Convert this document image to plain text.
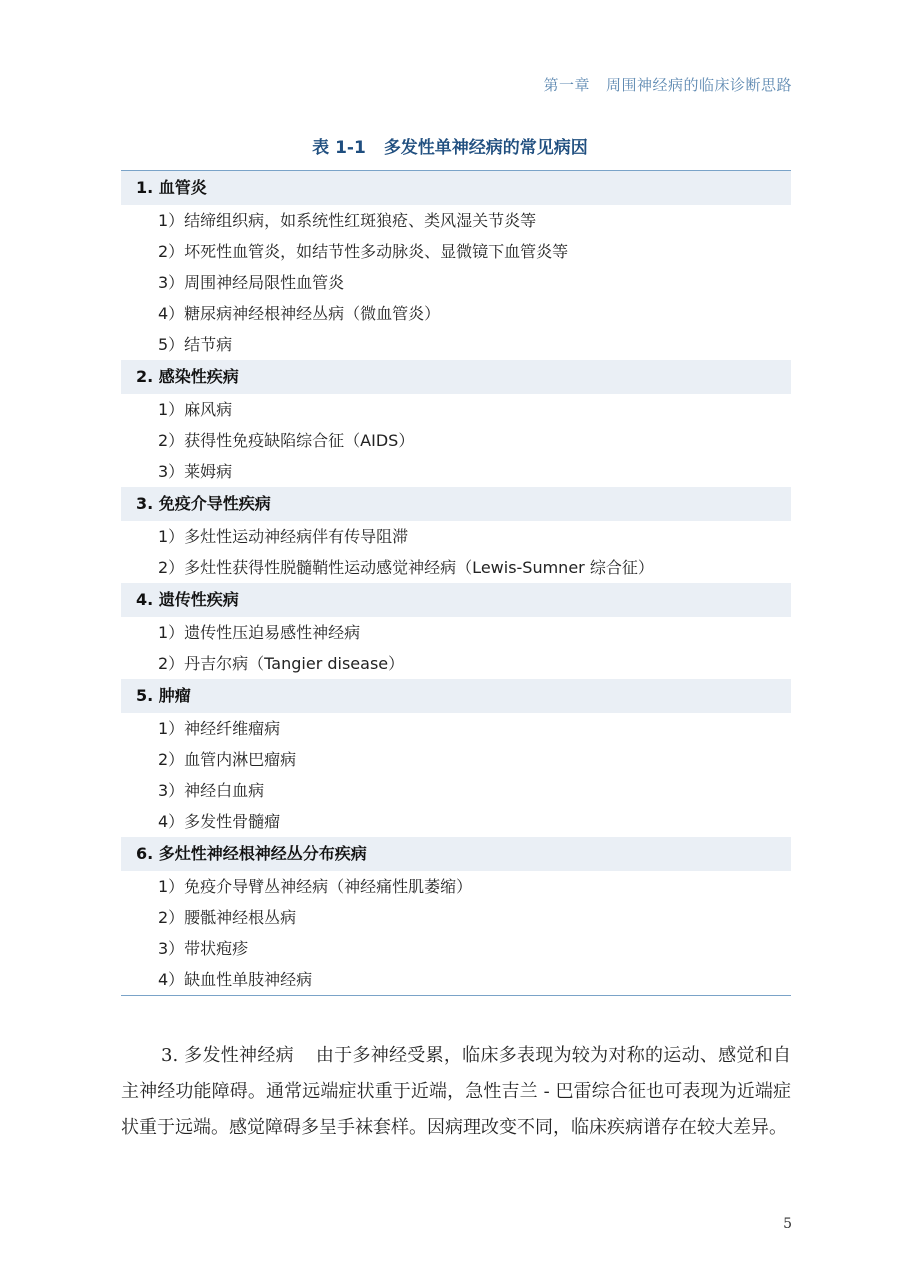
第一章 周围神经病的临床诊断思路
表 1-1 多发性单神经病的常见病因
1. 血管炎
1）结缔组织病，如系统性红斑狼疮、类风湿关节炎等
2）坏死性血管炎，如结节性多动脉炎、显微镜下血管炎等
3）周围神经局限性血管炎
4）糖尿病神经根神经丛病（微血管炎）
5）结节病
2. 感染性疾病
1）麻风病
2）获得性免疫缺陷综合征（AIDS）
3）莱姆病
3. 免疫介导性疾病
1）多灶性运动神经病伴有传导阻滞
2）多灶性获得性脱髓鞘性运动感觉神经病（Lewis-Sumner 综合征）
4. 遗传性疾病
1）遗传性压迫易感性神经病
2）丹吉尔病（Tangier disease）
5. 肿瘤
1）神经纤维瘤病
2）血管内淋巴瘤病
3）神经白血病
4）多发性骨髓瘤
6. 多灶性神经根神经丛分布疾病
1）免疫介导臂丛神经病（神经痛性肌萎缩）
2）腰骶神经根丛病
3）带状疱疹
4）缺血性单肢神经病

3. 多发性神经病 由于多神经受累，临床多表现为较为对称的运动、感觉和自主神经功能障碍。通常远端症状重于近端，急性吉兰 - 巴雷综合征也可表现为近端症状重于远端。感觉障碍多呈手袜套样。因病理改变不同，临床疾病谱存在较大差异。

5
